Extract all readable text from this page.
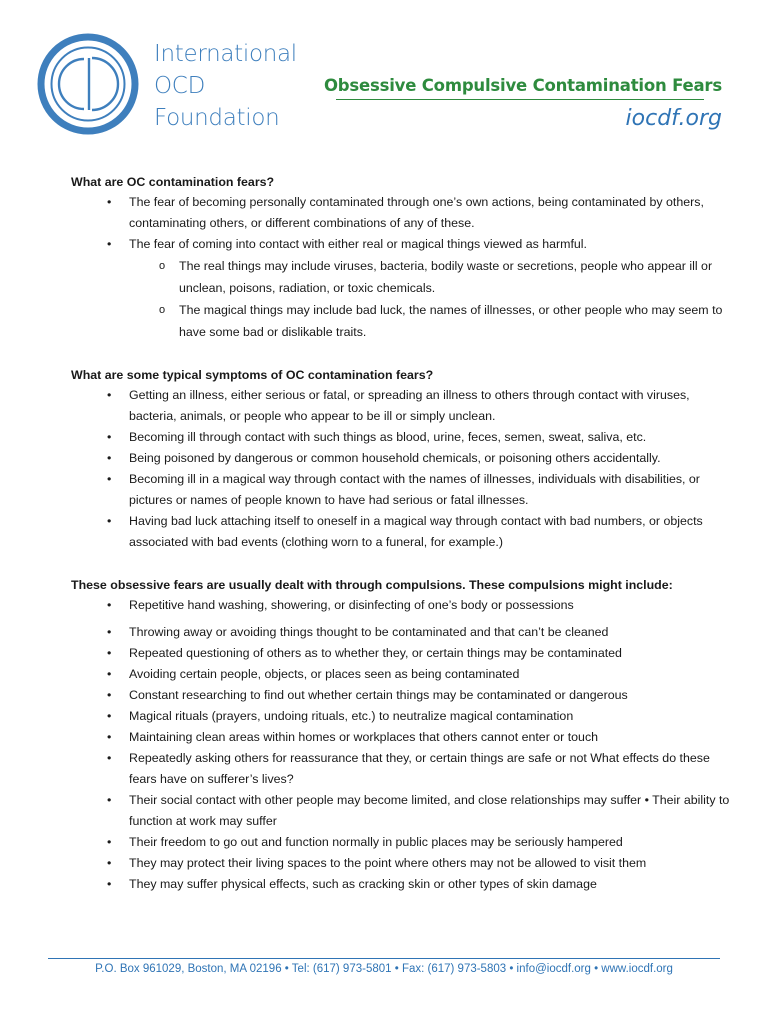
International
OCD
Foundation
Obsessive Compulsive Contamination Fears
iocdf.org

What are OC contamination fears?

• The fear of becoming personally contaminated through one’s own actions, being contaminated by others, contaminating others, or different combinations of any of these.
• The fear of coming into contact with either real or magical things viewed as harmful.
o The real things may include viruses, bacteria, bodily waste or secretions, people who appear ill or unclean, poisons, radiation, or toxic chemicals.
o The magical things may include bad luck, the names of illnesses, or other people who may seem to have some bad or dislikable traits.

What are some typical symptoms of OC contamination fears?

• Getting an illness, either serious or fatal, or spreading an illness to others through contact with viruses, bacteria, animals, or people who appear to be ill or simply unclean.
• Becoming ill through contact with such things as blood, urine, feces, semen, sweat, saliva, etc.
• Being poisoned by dangerous or common household chemicals, or poisoning others accidentally.
• Becoming ill in a magical way through contact with the names of illnesses, individuals with disabilities, or pictures or names of people known to have had serious or fatal illnesses.
• Having bad luck attaching itself to oneself in a magical way through contact with bad numbers, or objects associated with bad events (clothing worn to a funeral, for example.)

These obsessive fears are usually dealt with through compulsions. These compulsions might include:

• Repetitive hand washing, showering, or disinfecting of one’s body or possessions
• Throwing away or avoiding things thought to be contaminated and that can’t be cleaned
• Repeated questioning of others as to whether they, or certain things may be contaminated
• Avoiding certain people, objects, or places seen as being contaminated
• Constant researching to find out whether certain things may be contaminated or dangerous
• Magical rituals (prayers, undoing rituals, etc.) to neutralize magical contamination
• Maintaining clean areas within homes or workplaces that others cannot enter or touch
• Repeatedly asking others for reassurance that they, or certain things are safe or not What effects do these fears have on sufferer’s lives?
• Their social contact with other people may become limited, and close relationships may suffer • Their ability to function at work may suffer
• Their freedom to go out and function normally in public places may be seriously hampered
• They may protect their living spaces to the point where others may not be allowed to visit them
• They may suffer physical effects, such as cracking skin or other types of skin damage
P.O. Box 961029, Boston, MA 02196 • Tel: (617) 973-5801 • Fax: (617) 973-5803 • info@iocdf.org • www.iocdf.org
